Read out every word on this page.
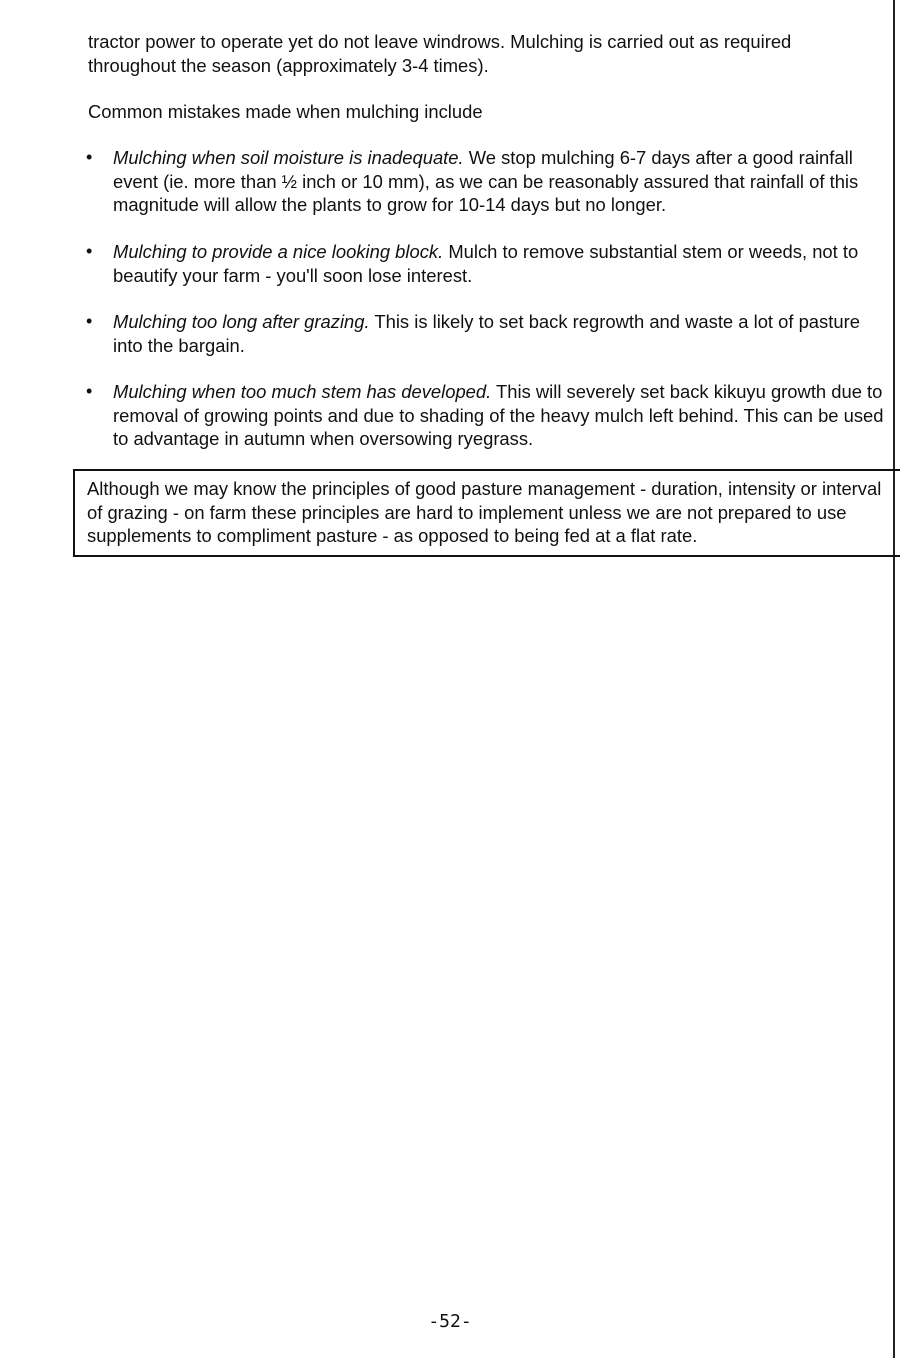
tractor power to operate yet do not leave windrows. Mulching is carried out as required
throughout the season (approximately 3-4 times).

Common mistakes made when mulching include

• Mulching when soil moisture is inadequate. We stop mulching 6-7 days after a good rainfall event (ie. more than ½ inch or 10 mm), as we can be reasonably assured that rainfall of this magnitude will allow the plants to grow for 10-14 days but no longer.

• Mulching to provide a nice looking block. Mulch to remove substantial stem or weeds, not to beautify your farm - you'll soon lose interest.

• Mulching too long after grazing. This is likely to set back regrowth and waste a lot of pasture into the bargain.

• Mulching when too much stem has developed. This will severely set back kikuyu growth due to removal of growing points and due to shading of the heavy mulch left behind. This can be used to advantage in autumn when oversowing ryegrass.

Although we may know the principles of good pasture management - duration, intensity or interval of grazing - on farm these principles are hard to implement unless we are not prepared to use supplements to compliment pasture - as opposed to being fed at a flat rate.

-52-
